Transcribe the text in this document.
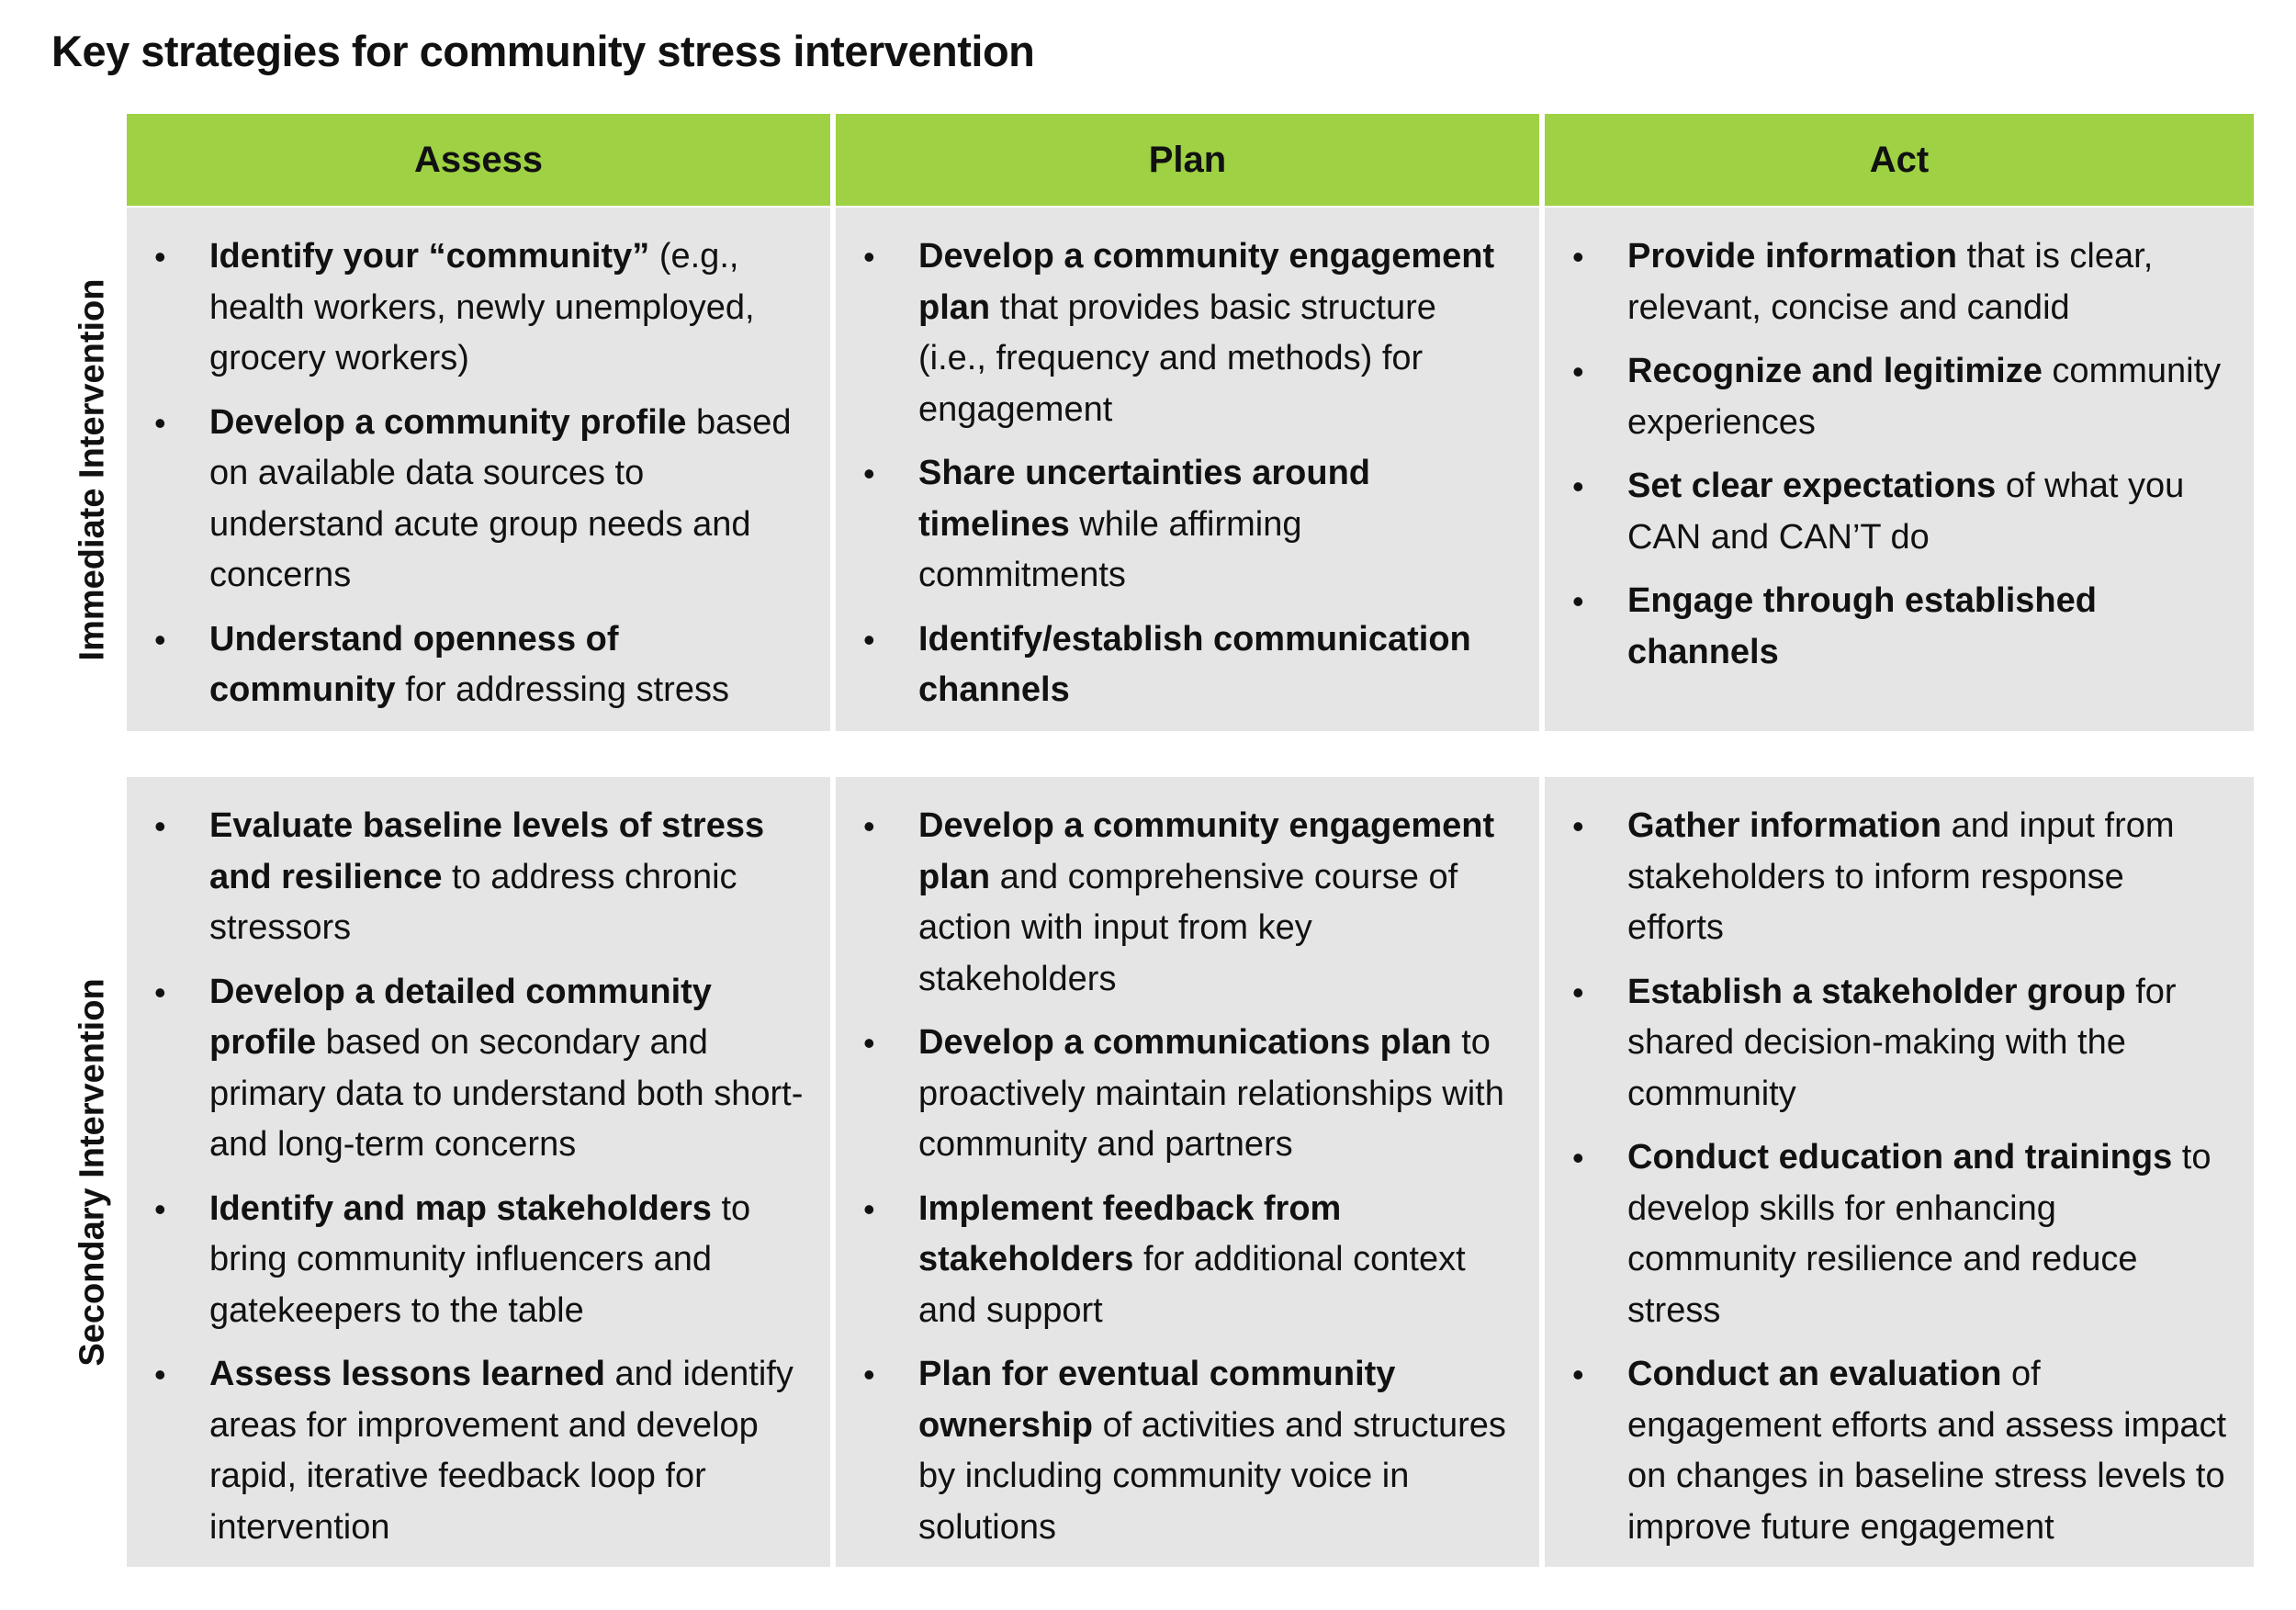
Key strategies for community stress intervention
Assess	Plan	Act
Immediate Intervention
Secondary Intervention
• Identify your “community” (e.g., health workers, newly unemployed, grocery workers)
• Develop a community profile based on available data sources to understand acute group needs and concerns
• Understand openness of community for addressing stress
• Develop a community engagement plan that provides basic structure (i.e., frequency and methods) for engagement
• Share uncertainties around timelines while affirming commitments
• Identify/establish communication channels
• Provide information that is clear, relevant, concise and candid
• Recognize and legitimize community experiences
• Set clear expectations of what you CAN and CAN’T do
• Engage through established channels
• Evaluate baseline levels of stress and resilience to address chronic stressors
• Develop a detailed community profile based on secondary and primary data to understand both short- and long-term concerns
• Identify and map stakeholders to bring community influencers and gatekeepers to the table
• Assess lessons learned and identify areas for improvement and develop rapid, iterative feedback loop for intervention
• Develop a community engagement plan and comprehensive course of action with input from key stakeholders
• Develop a communications plan to proactively maintain relationships with community and partners
• Implement feedback from stakeholders for additional context and support
• Plan for eventual community ownership of activities and structures by including community voice in solutions
• Gather information and input from stakeholders to inform response efforts
• Establish a stakeholder group for shared decision-making with the community
• Conduct education and trainings to develop skills for enhancing community resilience and reduce stress
• Conduct an evaluation of engagement efforts and assess impact on changes in baseline stress levels to improve future engagement
